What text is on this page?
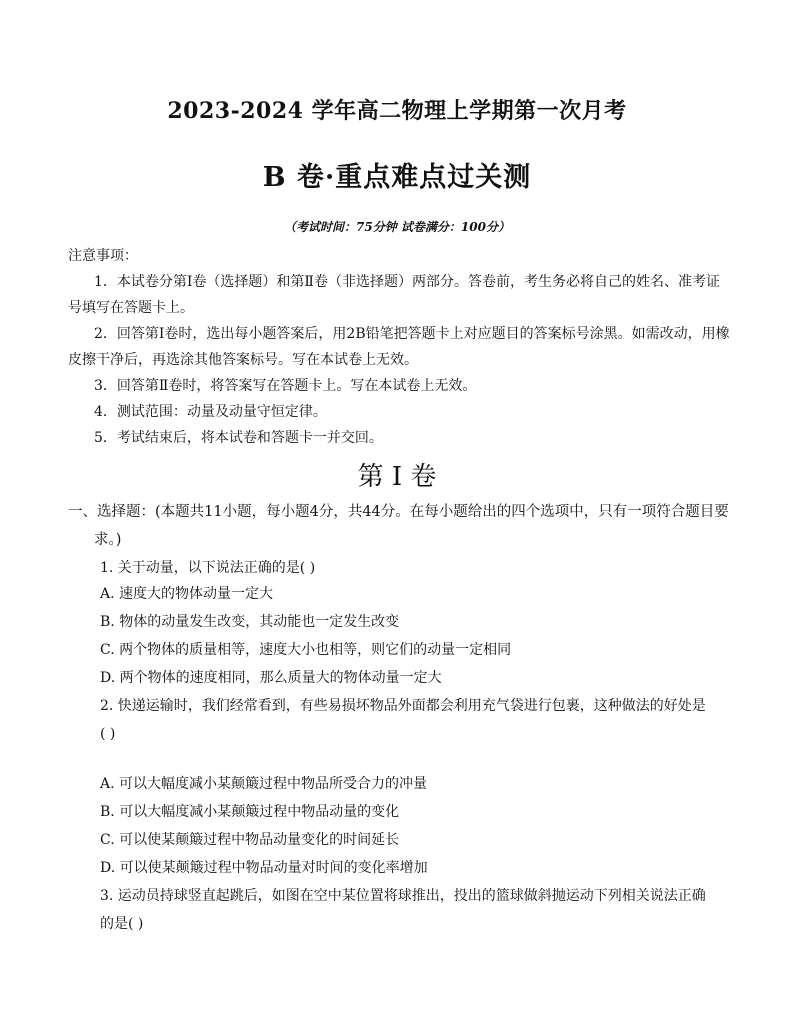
2023-2024 学年高二物理上学期第一次月考
B 卷·重点难点过关测
（考试时间：75分钟 试卷满分：100分）
注意事项：
1．本试卷分第Ⅰ卷（选择题）和第Ⅱ卷（非选择题）两部分。答卷前，考生务必将自己的姓名、准考证
号填写在答题卡上。
2．回答第Ⅰ卷时，选出每小题答案后，用2B铅笔把答题卡上对应题目的答案标号涂黑。如需改动，用橡
皮擦干净后，再选涂其他答案标号。写在本试卷上无效。
3．回答第Ⅱ卷时，将答案写在答题卡上。写在本试卷上无效。
4．测试范围：动量及动量守恒定律。
5．考试结束后，将本试卷和答题卡一并交回。
第 I 卷
一、选择题：(本题共11小题，每小题4分，共44分。在每小题给出的四个选项中，只有一项符合题目要
求。)
1. 关于动量，以下说法正确的是( )
A. 速度大的物体动量一定大
B. 物体的动量发生改变，其动能也一定发生改变
C. 两个物体的质量相等，速度大小也相等，则它们的动量一定相同
D. 两个物体的速度相同，那么质量大的物体动量一定大
2. 快递运输时，我们经常看到，有些易损坏物品外面都会利用充气袋进行包裹，这种做法的好处是
( )
A. 可以大幅度减小某颠簸过程中物品所受合力的冲量
B. 可以大幅度减小某颠簸过程中物品动量的变化
C. 可以使某颠簸过程中物品动量变化的时间延长
D. 可以使某颠簸过程中物品动量对时间的变化率增加
3. 运动员持球竖直起跳后，如图在空中某位置将球推出，投出的篮球做斜抛运动下列相关说法正确
的是( )
